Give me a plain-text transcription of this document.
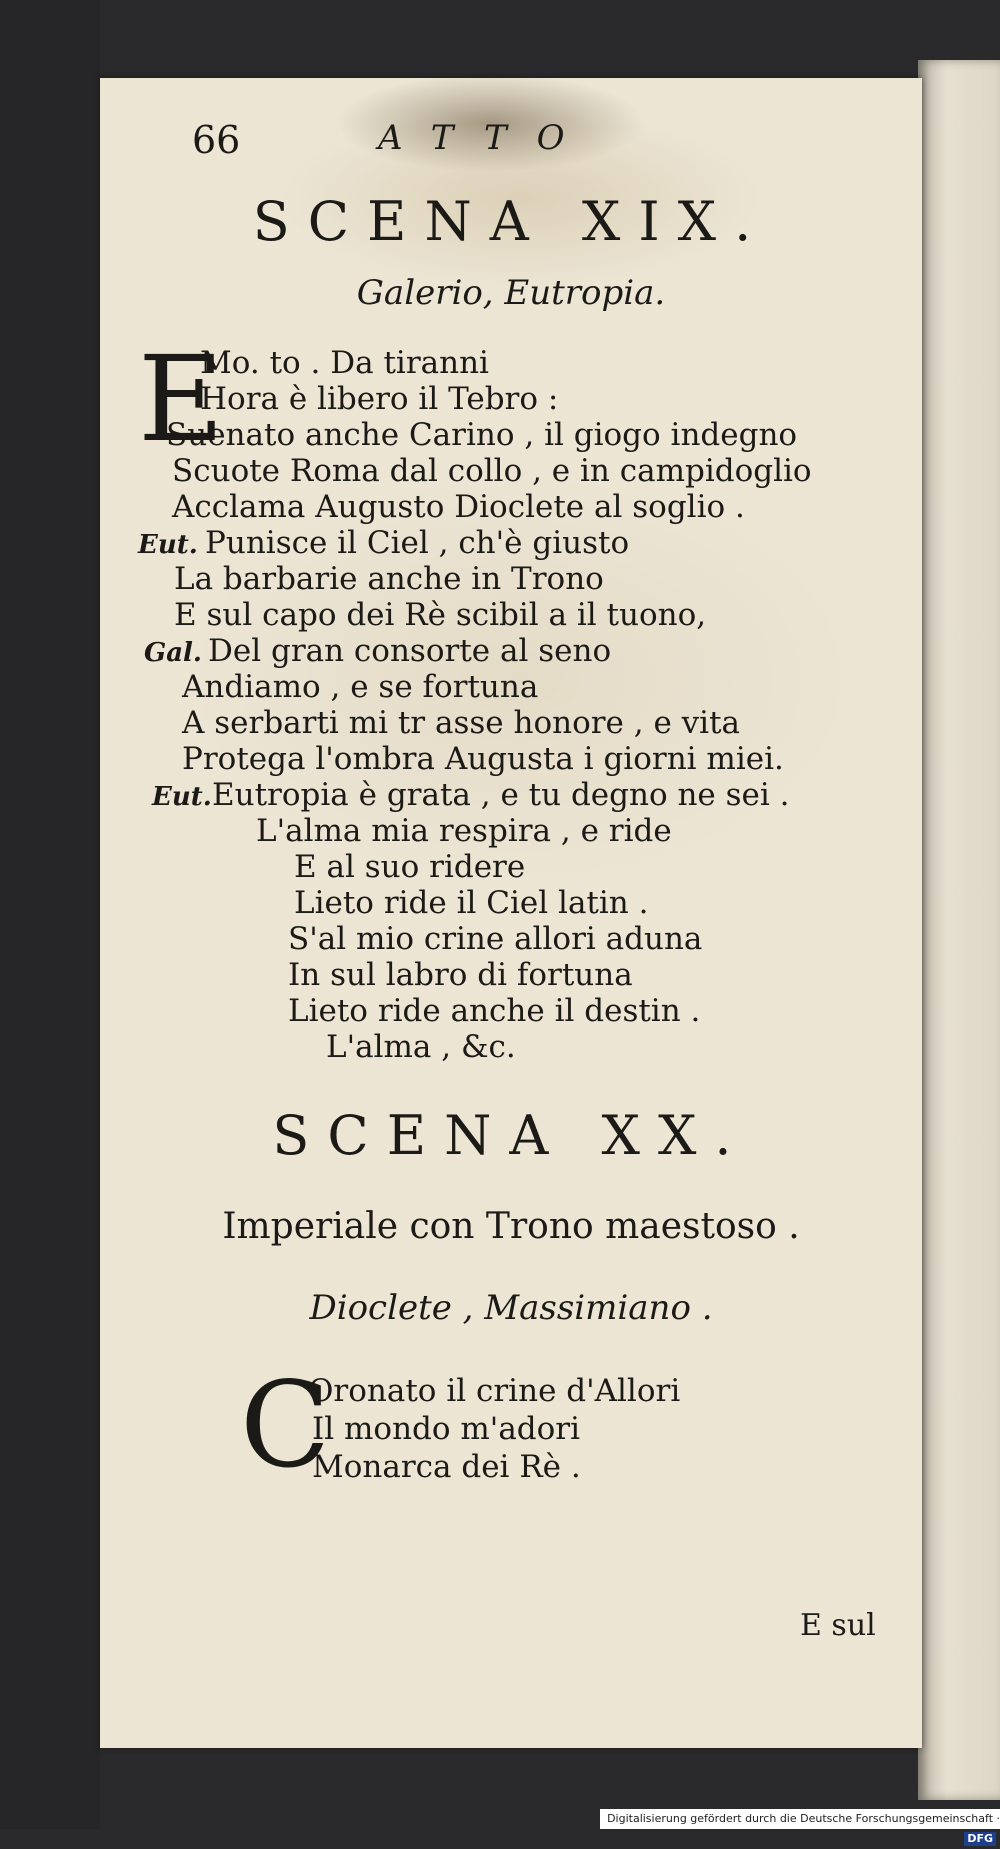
66	ATTO
SCENA XIX.
Galerio, Eutropia.
E
Mo. to . Da tiranni
Hora è libero il Tebro :
Suenato anche Carino , il giogo indegno
Scuote Roma dal collo , e in campidoglio
Acclama Augusto Dioclete al soglio .
Eut. Punisce il Ciel , ch'è giusto
La barbarie anche in Trono
E sul capo dei Rè scibil a il tuono,
Gal. Del gran consorte al seno
Andiamo , e se fortuna
A serbarti mi tr asse honore , e vita
Protega l'ombra Augusta i giorni miei.
Eut. Eutropia è grata , e tu degno ne sei .
L'alma mia respira , e ride
E al suo ridere
Lieto ride il Ciel latin .
S'al mio crine allori aduna
In sul labro di fortuna
Lieto ride anche il destin .
L'alma , &c.
SCENA XX.
Imperiale con Trono maestoso .
Dioclete , Massimiano .
C
Oronato il crine d'Allori
Il mondo m'adori
Monarca dei Rè .
E sul
Digitalisierung gefördert durch die Deutsche Forschungsgemeinschaft ·DFG
